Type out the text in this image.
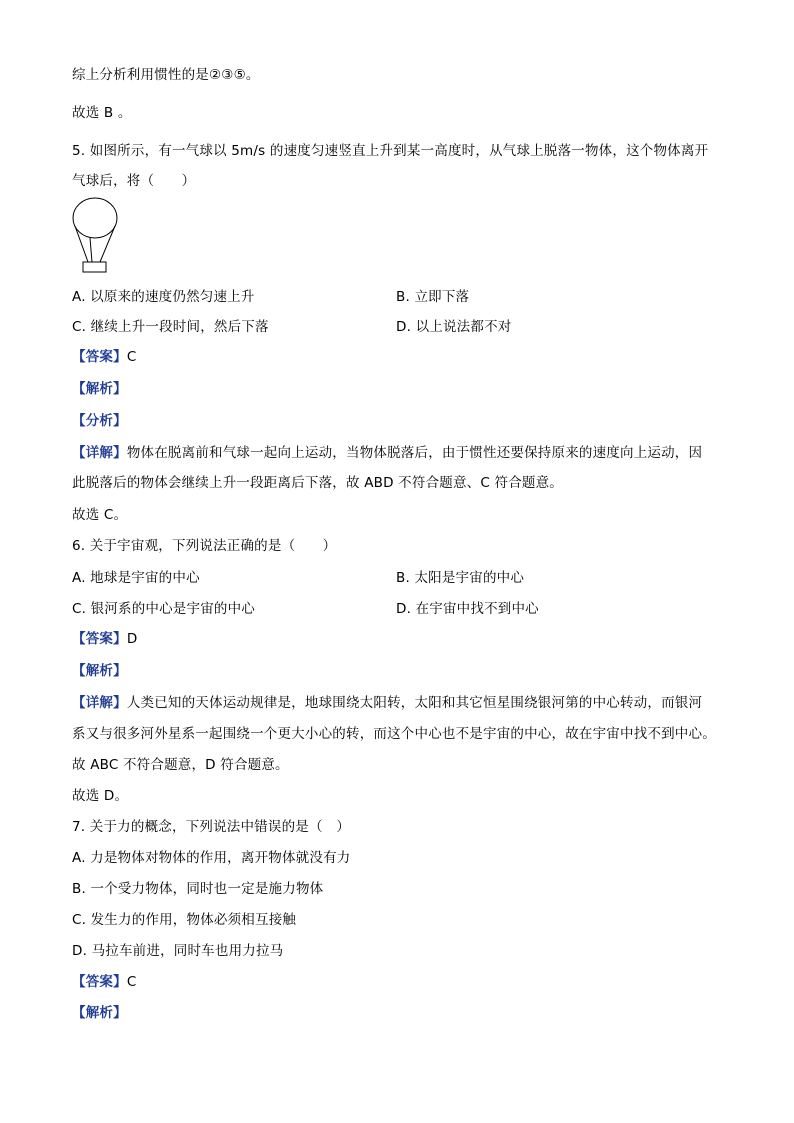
综上分析利用惯性的是②③⑤。
故选 B 。
5. 如图所示，有一气球以 5m/s 的速度匀速竖直上升到某一高度时，从气球上脱落一物体，这个物体离开
气球后，将（　　）
A. 以原来的速度仍然匀速上升	B. 立即下落
C. 继续上升一段时间，然后下落	D. 以上说法都不对
【答案】C
【解析】
【分析】
【详解】物体在脱离前和气球一起向上运动，当物体脱落后，由于惯性还要保持原来的速度向上运动，因
此脱落后的物体会继续上升一段距离后下落，故 ABD 不符合题意、C 符合题意。
故选 C。
6. 关于宇宙观，下列说法正确的是（　　）
A. 地球是宇宙的中心	B. 太阳是宇宙的中心
C. 银河系的中心是宇宙的中心	D. 在宇宙中找不到中心
【答案】D
【解析】
【详解】人类已知的天体运动规律是，地球围绕太阳转，太阳和其它恒星围绕银河第的中心转动，而银河
系又与很多河外星系一起围绕一个更大小心的转，而这个中心也不是宇宙的中心，故在宇宙中找不到中心。
故 ABC 不符合题意，D 符合题意。
故选 D。
7. 关于力的概念，下列说法中错误的是（　）
A. 力是物体对物体的作用，离开物体就没有力
B. 一个受力物体，同时也一定是施力物体
C. 发生力的作用，物体必须相互接触
D. 马拉车前进，同时车也用力拉马
【答案】C
【解析】
